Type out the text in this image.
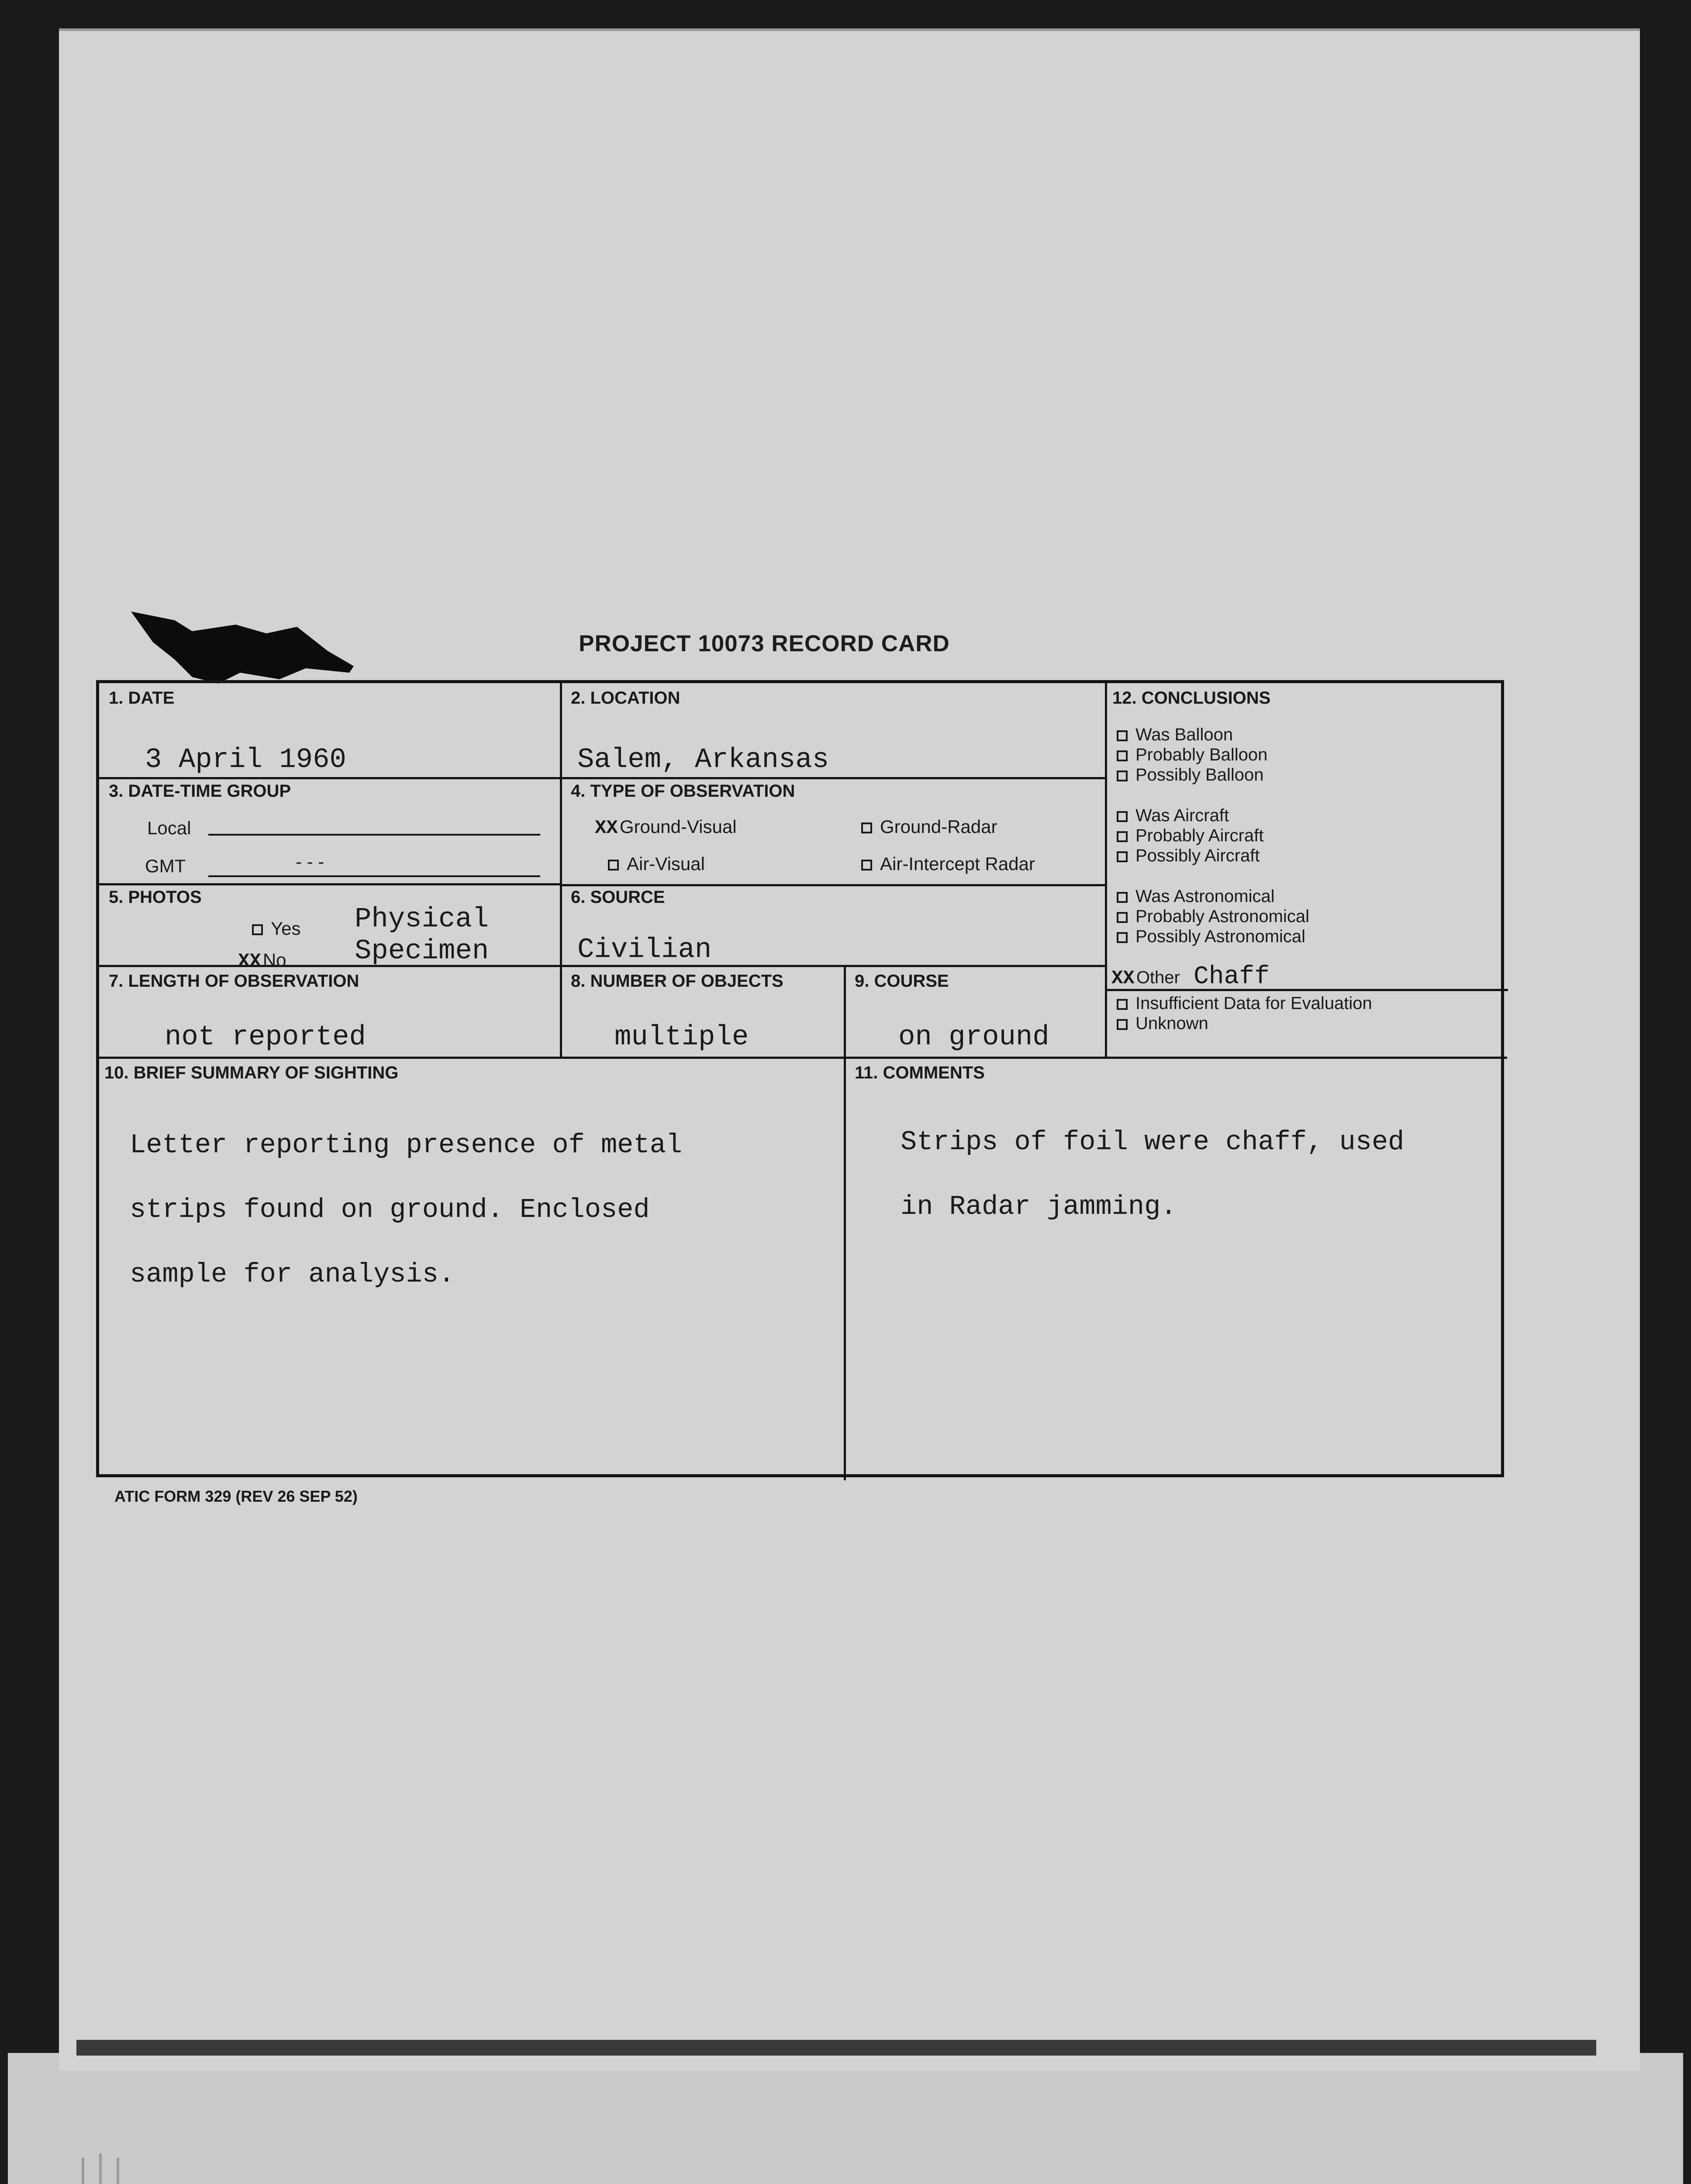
PROJECT 10073 RECORD CARD
1. DATE
3 April 1960
2. LOCATION
Salem, Arkansas
3. DATE-TIME GROUP
Local
GMT	- - -
4. TYPE OF OBSERVATION
XXGround-Visual	Ground-Radar
Air-Visual	Air-Intercept Radar
5. PHOTOS
Yes
XXNo
Physical
Specimen
6. SOURCE
Civilian
7. LENGTH OF OBSERVATION
not reported
8. NUMBER OF OBJECTS
multiple
9. COURSE
on ground
10. BRIEF SUMMARY OF SIGHTING

Letter reporting presence of metal

strips found on ground. Enclosed

sample for analysis.

11. COMMENTS

Strips of foil were chaff, used

in Radar jamming.

12. CONCLUSIONS
Was Balloon
Probably Balloon
Possibly Balloon
Was Aircraft
Probably Aircraft
Possibly Aircraft
Was Astronomical
Probably Astronomical
Possibly Astronomical
XX Other Chaff
Insufficient Data for Evaluation
Unknown
ATIC FORM 329 (REV 26 SEP 52)
